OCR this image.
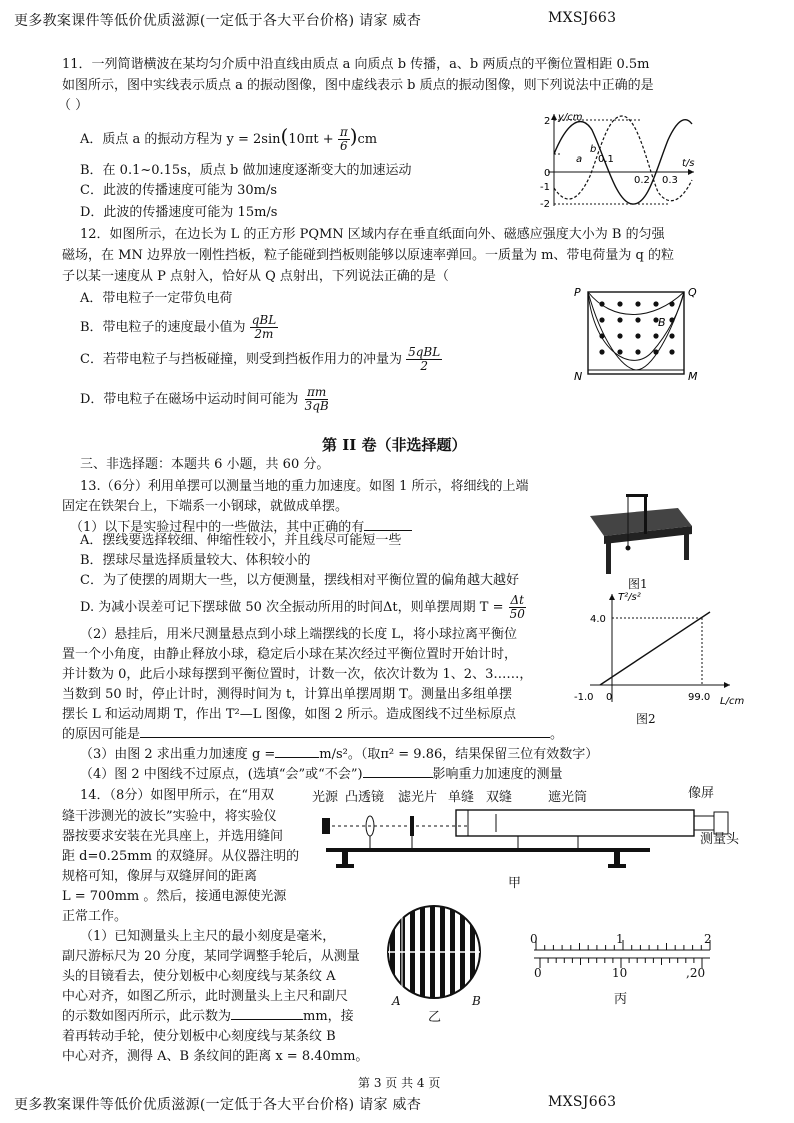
更多教案课件等低价优质滋源(一定低于各大平台价格) 请家 威杏	MXSJ663
11．一列简谐横波在某均匀介质中沿直线由质点 a 向质点 b 传播，a、b 两质点的平衡位置相距 0.5m
如图所示，图中实线表示质点 a 的振动图像，图中虚线表示 b 质点的振动图像，则下列说法中正确的是
（ ）
A．质点 a 的振动方程为 $y = 2\sin(10\pi t + \frac{\pi}{6} )cm$
B．在 0.1~0.15s，质点 b 做加速度逐渐变大的加速运动
C．此波的传播速度可能为 30m/s
D．此波的传播速度可能为 15m/s
y/cm
t/s
2
0
-1
-2
0.1
0.2 0.3
a
b
12．如图所示，在边长为 L 的正方形 PQMN 区域内存在垂直纸面向外、磁感应强度大小为 B 的匀强
磁场，在 MN 边界放一刚性挡板，粒子能碰到挡板则能够以原速率弹回。一质量为 m、带电荷量为 q 的粒
子以某一速度从 P 点射入，恰好从 Q 点射出，下列说法正确的是（
A．带电粒子一定带负电荷
B．带电粒子的速度最小值为 $\frac{\text{qBL}}{2m}$
C．若带电粒子与挡板碰撞，则受到挡板作用力的冲量为 $\frac{\text{5qBL}}{2}$
D．带电粒子在磁场中运动时间可能为 $\frac{\pi m}{3qB}$
P	Q
N	M
B
第 II 卷（非选择题）
三、非选择题：本题共 6 小题，共 60 分。
13.（6分）利用单摆可以测量当地的重力加速度。如图 1 所示，将细线的上端
固定在铁架台上，下端系一小钢球，就做成单摆。
（1）以下是实验过程中的一些做法，其中正确的有
A．摆线要选择较细、伸缩性较小，并且线尽可能短一些
B．摆球尽量选择质量较大、体积较小的
C．为了使摆的周期大一些，以方便测量，摆线相对平衡位置的偏角越大越好
D. 为减小误差可记下摆球做 50 次全振动所用的时间Δt，则单摆周期 $T = \frac{\Delta t}{50}$
（2）悬挂后，用米尺测量悬点到小球上端摆线的长度 L，将小球拉离平衡位
置一个小角度，由静止释放小球，稳定后小球在某次经过平衡位置时开始计时，
并计数为 0，此后小球每摆到平衡位置时，计数一次，依次计数为 1、2、3……，
当数到 50 时，停止计时，测得时间为 t，计算出单摆周期 T。测量出多组单摆
摆长 L 和运动周期 T，作出 T²—L 图像，如图 2 所示。造成图线不过坐标原点
的原因可能是	。
（3）由图 2 求出重力加速度 g =	m/s²。（取π² = 9.86，结果保留三位有效数字）
（4）图 2 中图线不过原点，(选填“会”或“不会”)	影响重力加速度的测量
图1
T²/s²
L/cm
4.0
-1.0 0	99.0
图2
14．（8分）如图甲所示，在“用双
缝干涉测光的波长”实验中，将实验仪
器按要求安装在光具座上，并选用缝间
距 d=0.25mm 的双缝屏。从仪器注明的
规格可知，像屏与双缝屏间的距离
L = 700mm 。然后，接通电源使光源
正常工作。
（1）已知测量头上主尺的最小刻度是毫米，
副尺游标尺为 20 分度，某同学调整手轮后，从测量
头的目镜看去，使分划板中心刻度线与某条纹 A
中心对齐，如图乙所示，此时测量头上主尺和副尺
的示数如图丙所示，此示数为	mm，接
着再转动手轮，使分划板中心刻度线与某条纹 B
中心对齐，测得 A、B 条纹间的距离 x = 8.40mm。
光源 凸透镜 滤光片 单缝 双缝	遮光筒	像屏
测量头
甲
A	B
乙
0	1	2
0	10	,20
丙
第 3 页 共 4 页
更多教案课件等低价优质滋源(一定低于各大平台价格) 请家 威杏	MXSJ663
